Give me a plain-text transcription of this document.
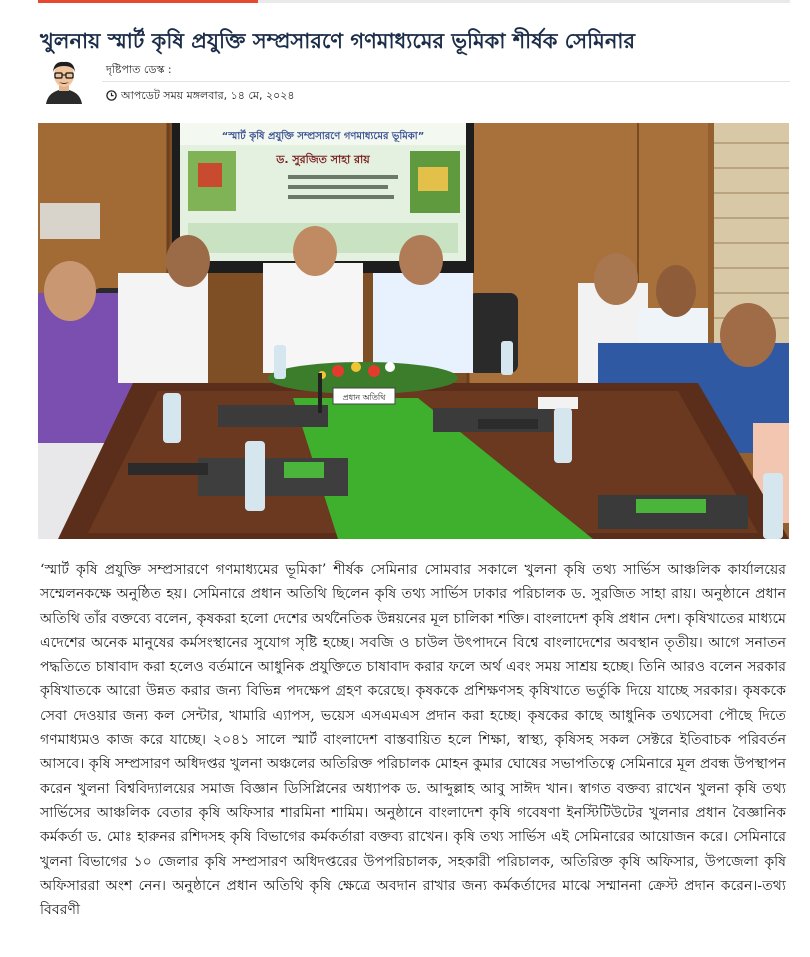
খুলনায় স্মার্ট কৃষি প্রযুক্তি সম্প্রসারণে গণমাধ্যমের ভূমিকা শীর্ষক সেমিনার
দৃষ্টিপাত ডেস্ক :
আপডেট সময় মঙ্গলবার, ১৪ মে, ২০২৪
“স্মার্ট কৃষি প্রযুক্তি সম্প্রসারণে গণমাধ্যমের ভূমিকা”
ড. সুরজিত সাহা রায়
প্রধান অতিথি

‘স্মার্ট কৃষি প্রযুক্তি সম্প্রসারণে গণমাধ্যমের ভূমিকা’ শীর্ষক সেমিনার সোমবার সকালে খুলনা কৃষি তথ্য সার্ভিস আঞ্চলিক কার্যালয়ের সম্মেলনকক্ষে অনুষ্ঠিত হয়। সেমিনারে প্রধান অতিথি ছিলেন কৃষি তথ্য সার্ভিস ঢাকার পরিচালক ড. সুরজিত সাহা রায়। অনুষ্ঠানে প্রধান অতিথি তাঁর বক্তব্যে বলেন, কৃষকরা হলো দেশের অর্থনৈতিক উন্নয়নের মূল চালিকা শক্তি। বাংলাদেশ কৃষি প্রধান দেশ। কৃষিখাতের মাধ্যমে এদেশের অনেক মানুষের কর্মসংস্থানের সুযোগ সৃষ্টি হচ্ছে। সবজি ও চাউল উৎপাদনে বিশ্বে বাংলাদেশের অবস্থান তৃতীয়। আগে সনাতন পদ্ধতিতে চাষাবাদ করা হলেও বর্তমানে আধুনিক প্রযুক্তিতে চাষাবাদ করার ফলে অর্থ এবং সময় সাশ্রয় হচ্ছে। তিনি আরও বলেন সরকার কৃষিখাতকে আরো উন্নত করার জন্য বিভিন্ন পদক্ষেপ গ্রহণ করেছে। কৃষককে প্রশিক্ষণসহ কৃষিখাতে ভর্তুকি দিয়ে যাচ্ছে সরকার। কৃষককে সেবা দেওয়ার জন্য কল সেন্টার, খামারি এ্যাপস, ভয়েস এসএমএস প্রদান করা হচ্ছে। কৃষকের কাছে আধুনিক তথ্যসেবা পৌছে দিতে গণমাধ্যমও কাজ করে যাচ্ছে। ২০৪১ সালে স্মার্ট বাংলাদেশ বাস্তবায়িত হলে শিক্ষা, স্বাস্থ্য, কৃষিসহ সকল সেক্টরে ইতিবাচক পরিবর্তন আসবে। কৃষি সম্প্রসারণ অধিদপ্তর খুলনা অঞ্চলের অতিরিক্ত পরিচালক মোহন কুমার ঘোষের সভাপতিত্বে সেমিনারে মূল প্রবন্ধ উপস্থাপন করেন খুলনা বিশ্ববিদ্যালয়ের সমাজ বিজ্ঞান ডিসিপ্লিনের অধ্যাপক ড. আব্দুল্লাহ আবু সাঈদ খান। স্বাগত বক্তব্য রাখেন খুলনা কৃষি তথ্য সার্ভিসের আঞ্চলিক বেতার কৃষি অফিসার শারমিনা শামিম। অনুষ্ঠানে বাংলাদেশ কৃষি গবেষণা ইনস্টিটিউটের খুলনার প্রধান বৈজ্ঞানিক কর্মকর্তা ড. মোঃ হারুনর রশিদসহ কৃষি বিভাগের কর্মকর্তারা বক্তব্য রাখেন। কৃষি তথ্য সার্ভিস এই সেমিনারের আয়োজন করে। সেমিনারে খুলনা বিভাগের ১০ জেলার কৃষি সম্প্রসারণ অধিদপ্তরের উপপরিচালক, সহকারী পরিচালক, অতিরিক্ত কৃষি অফিসার, উপজেলা কৃষি অফিসাররা অংশ নেন। অনুষ্ঠানে প্রধান অতিথি কৃষি ক্ষেত্রে অবদান রাখার জন্য কর্মকর্তাদের মাঝে সম্মাননা ক্রেস্ট প্রদান করেন।-তথ্য বিবরণী
